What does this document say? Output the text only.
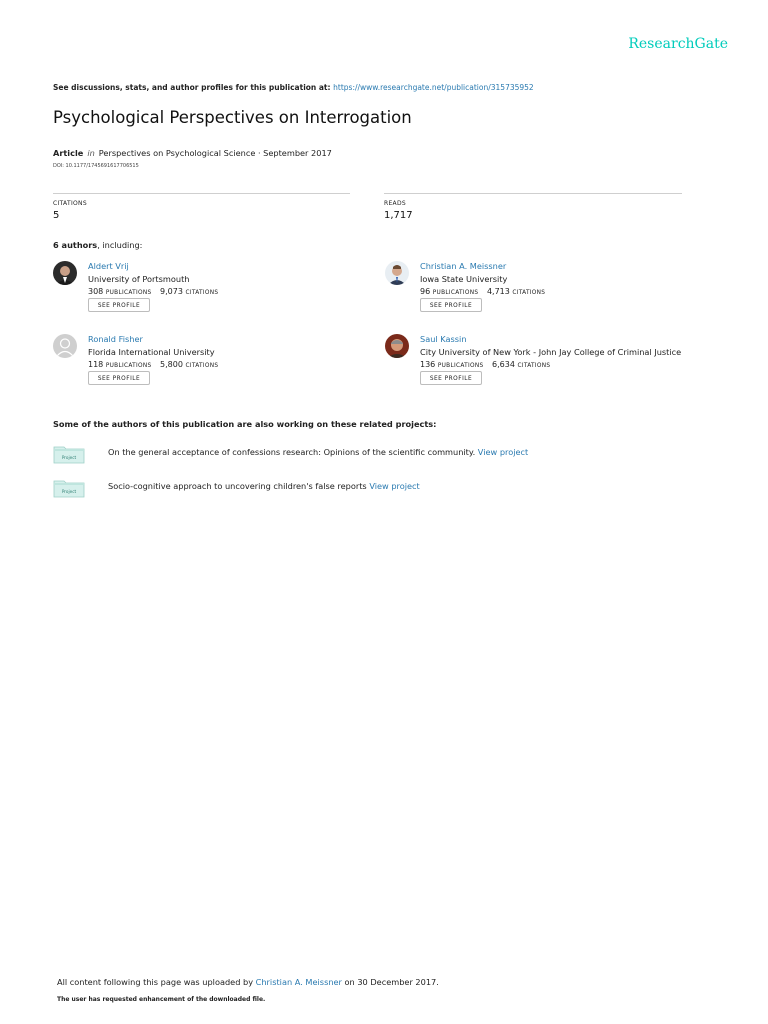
ResearchGate
See discussions, stats, and author profiles for this publication at: https://www.researchgate.net/publication/315735952
Psychological Perspectives on Interrogation
Article in Perspectives on Psychological Science · September 2017
DOI: 10.1177/1745691617706515
CITATIONS
5
READS
1,717
6 authors, including:
Aldert Vrij
University of Portsmouth
308 PUBLICATIONS 9,073 CITATIONS
SEE PROFILE
Christian A. Meissner
Iowa State University
96 PUBLICATIONS 4,713 CITATIONS
SEE PROFILE
Ronald Fisher
Florida International University
118 PUBLICATIONS 5,800 CITATIONS
SEE PROFILE
Saul Kassin
City University of New York - John Jay College of Criminal Justice
136 PUBLICATIONS 6,634 CITATIONS
SEE PROFILE
Some of the authors of this publication are also working on these related projects:
Project
On the general acceptance of confessions research: Opinions of the scientific community. View project
Project
Socio-cognitive approach to uncovering children's false reports View project
All content following this page was uploaded by Christian A. Meissner on 30 December 2017.
The user has requested enhancement of the downloaded file.
